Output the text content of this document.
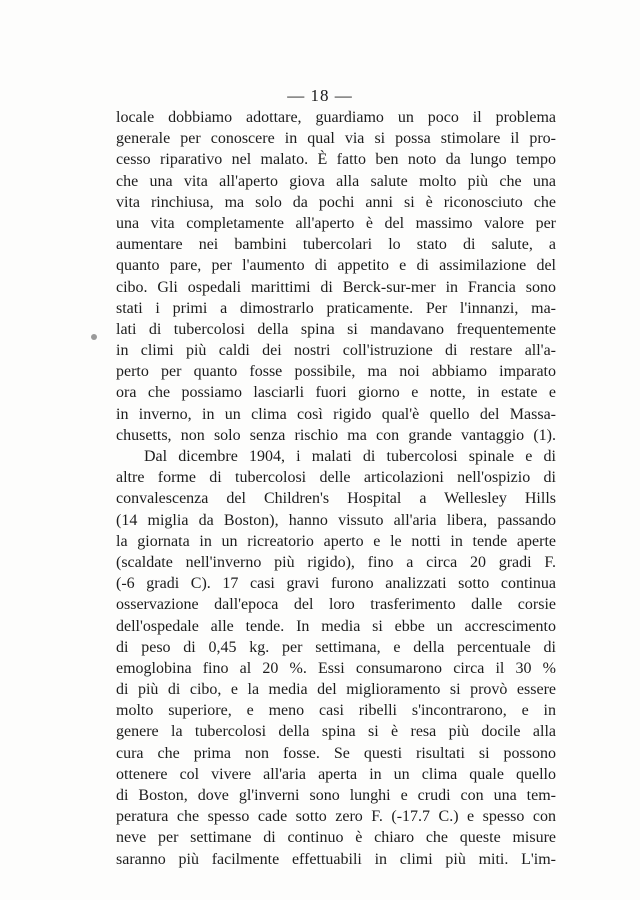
— 18 —
locale dobbiamo adottare, guardiamo un poco il problema
generale per conoscere in qual via si possa stimolare il pro-
cesso riparativo nel malato. È fatto ben noto da lungo tempo
che una vita all'aperto giova alla salute molto più che una
vita rinchiusa, ma solo da pochi anni si è riconosciuto che
una vita completamente all'aperto è del massimo valore per
aumentare nei bambini tubercolari lo stato di salute, a
quanto pare, per l'aumento di appetito e di assimilazione del
cibo. Gli ospedali marittimi di Berck-sur-mer in Francia sono
stati i primi a dimostrarlo praticamente. Per l'innanzi, ma-
lati di tubercolosi della spina si mandavano frequentemente
in climi più caldi dei nostri coll'istruzione di restare all'a-
perto per quanto fosse possibile, ma noi abbiamo imparato
ora che possiamo lasciarli fuori giorno e notte, in estate e
in inverno, in un clima così rigido qual'è quello del Massa-
chusetts, non solo senza rischio ma con grande vantaggio (1).
Dal dicembre 1904, i malati di tubercolosi spinale e di
altre forme di tubercolosi delle articolazioni nell'ospizio di
convalescenza del Children's Hospital a Wellesley Hills
(14 miglia da Boston), hanno vissuto all'aria libera, passando
la giornata in un ricreatorio aperto e le notti in tende aperte
(scaldate nell'inverno più rigido), fino a circa 20 gradi F.
(-6 gradi C). 17 casi gravi furono analizzati sotto continua
osservazione dall'epoca del loro trasferimento dalle corsie
dell'ospedale alle tende. In media si ebbe un accrescimento
di peso di 0,45 kg. per settimana, e della percentuale di
emoglobina fino al 20 %. Essi consumarono circa il 30 %
di più di cibo, e la media del miglioramento si provò essere
molto superiore, e meno casi ribelli s'incontrarono, e in
genere la tubercolosi della spina si è resa più docile alla
cura che prima non fosse. Se questi risultati si possono
ottenere col vivere all'aria aperta in un clima quale quello
di Boston, dove gl'inverni sono lunghi e crudi con una tem-
peratura che spesso cade sotto zero F. (-17.7 C.) e spesso con
neve per settimane di continuo è chiaro che queste misure
saranno più facilmente effettuabili in climi più miti. L'im-
